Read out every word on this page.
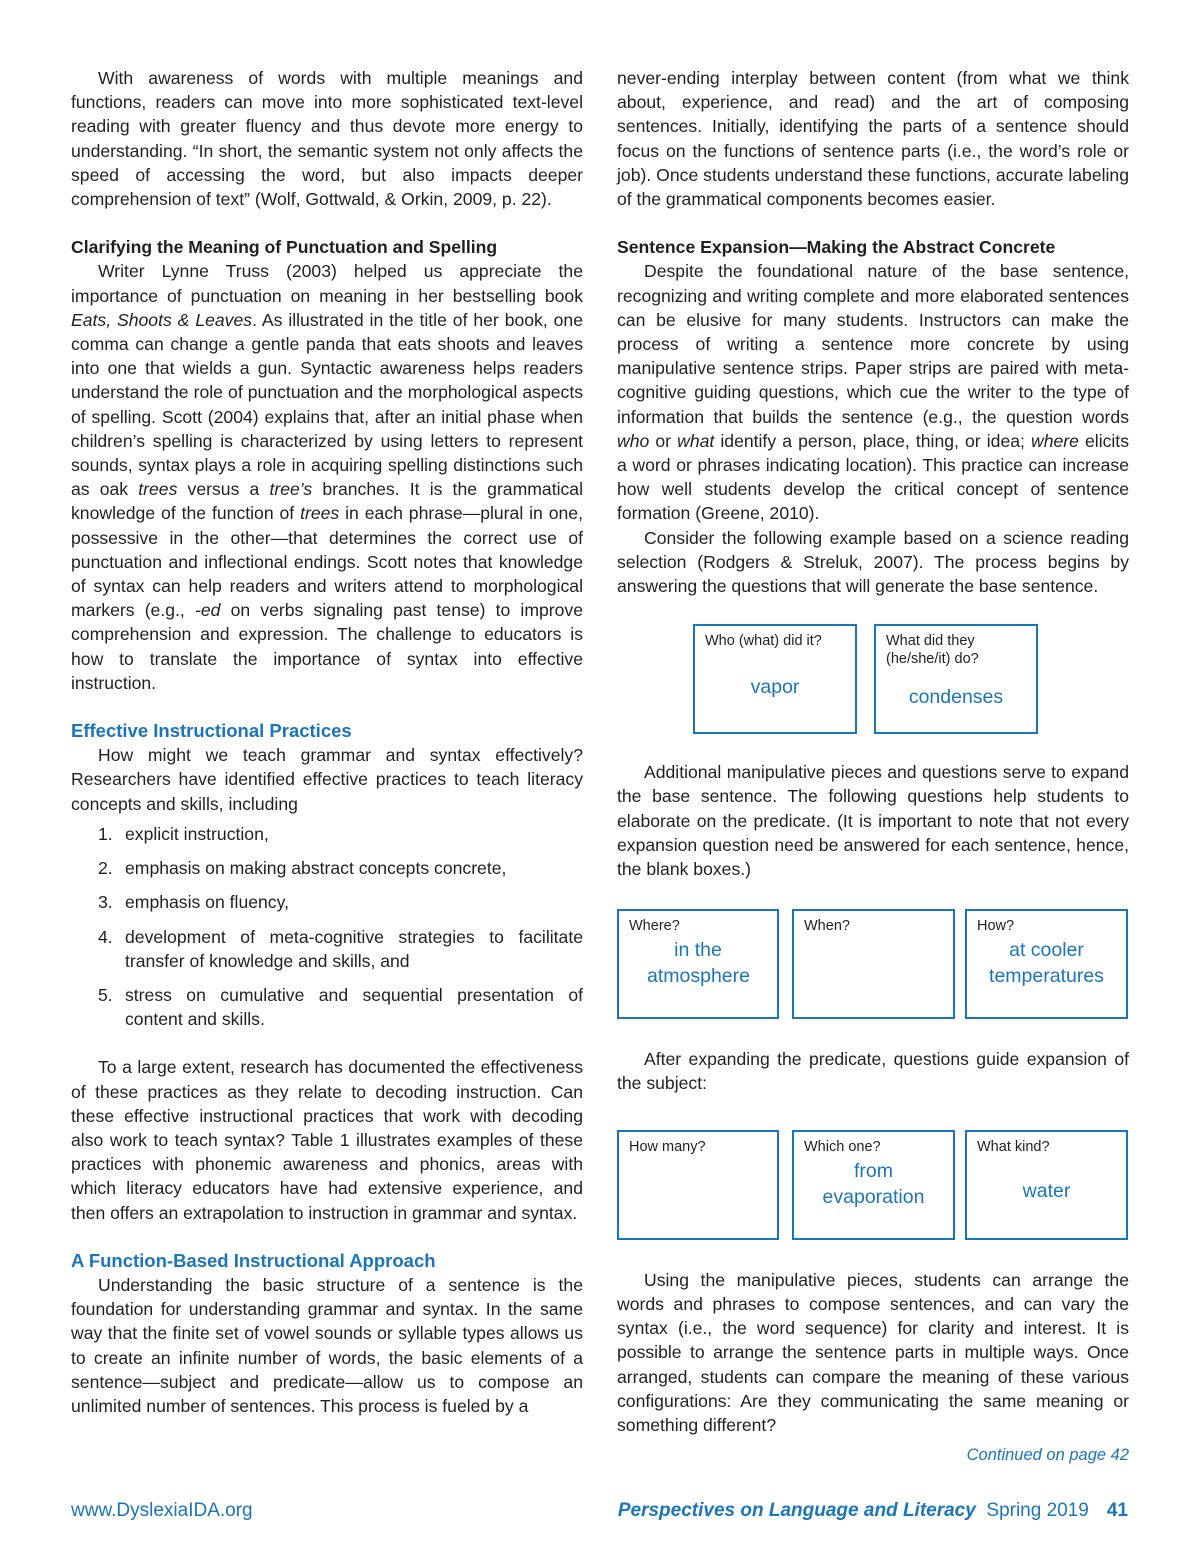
With awareness of words with multiple meanings and functions, readers can move into more sophisticated text-level reading with greater fluency and thus devote more energy to understanding. “In short, the semantic system not only affects the speed of accessing the word, but also impacts deeper comprehension of text” (Wolf, Gottwald, & Orkin, 2009, p. 22).

Clarifying the Meaning of Punctuation and Spelling

Writer Lynne Truss (2003) helped us appreciate the importance of punctuation on meaning in her bestselling book Eats, Shoots & Leaves. As illustrated in the title of her book, one comma can change a gentle panda that eats shoots and leaves into one that wields a gun. Syntactic awareness helps readers understand the role of punctuation and the morphological aspects of spelling. Scott (2004) explains that, after an initial phase when children’s spelling is characterized by using letters to represent sounds, syntax plays a role in acquiring spelling distinctions such as oak trees versus a tree’s branches. It is the grammatical knowledge of the function of trees in each phrase—plural in one, possessive in the other—that determines the correct use of punctuation and inflectional endings. Scott notes that knowledge of syntax can help readers and writers attend to morphological markers (e.g., -ed on verbs signaling past tense) to improve comprehension and expression. The challenge to educators is how to translate the importance of syntax into effective instruction.

Effective Instructional Practices

How might we teach grammar and syntax effectively? Researchers have identified effective practices to teach literacy concepts and skills, including

1. explicit instruction,
2. emphasis on making abstract concepts concrete,
3. emphasis on fluency,
4. development of meta-cognitive strategies to facilitate transfer of knowledge and skills, and
5. stress on cumulative and sequential presentation of content and skills.

To a large extent, research has documented the effectiveness of these practices as they relate to decoding instruction. Can these effective instructional practices that work with decoding also work to teach syntax? Table 1 illustrates examples of these practices with phonemic awareness and phonics, areas with which literacy educators have had extensive experience, and then offers an extrapolation to instruction in grammar and syntax.

A Function-Based Instructional Approach

Understanding the basic structure of a sentence is the foundation for understanding grammar and syntax. In the same way that the finite set of vowel sounds or syllable types allows us to create an infinite number of words, the basic elements of a sentence—subject and predicate—allow us to compose an unlimited number of sentences. This process is fueled by a

never-ending interplay between content (from what we think about, experience, and read) and the art of composing sentences. Initially, identifying the parts of a sentence should focus on the functions of sentence parts (i.e., the word’s role or job). Once students understand these functions, accurate labeling of the grammatical components becomes easier.

Sentence Expansion—Making the Abstract Concrete

Despite the foundational nature of the base sentence, recognizing and writing complete and more elaborated sentences can be elusive for many students. Instructors can make the process of writing a sentence more concrete by using manipulative sentence strips. Paper strips are paired with meta-cognitive guiding questions, which cue the writer to the type of information that builds the sentence (e.g., the question words who or what identify a person, place, thing, or idea; where elicits a word or phrases indicating location). This practice can increase how well students develop the critical concept of sentence formation (Greene, 2010).

Consider the following example based on a science reading selection (Rodgers & Streluk, 2007). The process begins by answering the questions that will generate the base sentence.

Who (what) did it?
vapor
What did they (he/she/it) do?
condenses

Additional manipulative pieces and questions serve to expand the base sentence. The following questions help students to elaborate on the predicate. (It is important to note that not every expansion question need be answered for each sentence, hence, the blank boxes.)

Where?
in the atmosphere
When?	How?
at cooler temperatures

After expanding the predicate, questions guide expansion of the subject:

How many?	Which one?
from evaporation
What kind?
water

Using the manipulative pieces, students can arrange the words and phrases to compose sentences, and can vary the syntax (i.e., the word sequence) for clarity and interest. It is possible to arrange the sentence parts in multiple ways. Once arranged, students can compare the meaning of these various configurations: Are they communicating the same meaning or something different?

Continued on page 42
www.DyslexiaIDA.org	Perspectives on Language and Literacy Spring 2019 41
